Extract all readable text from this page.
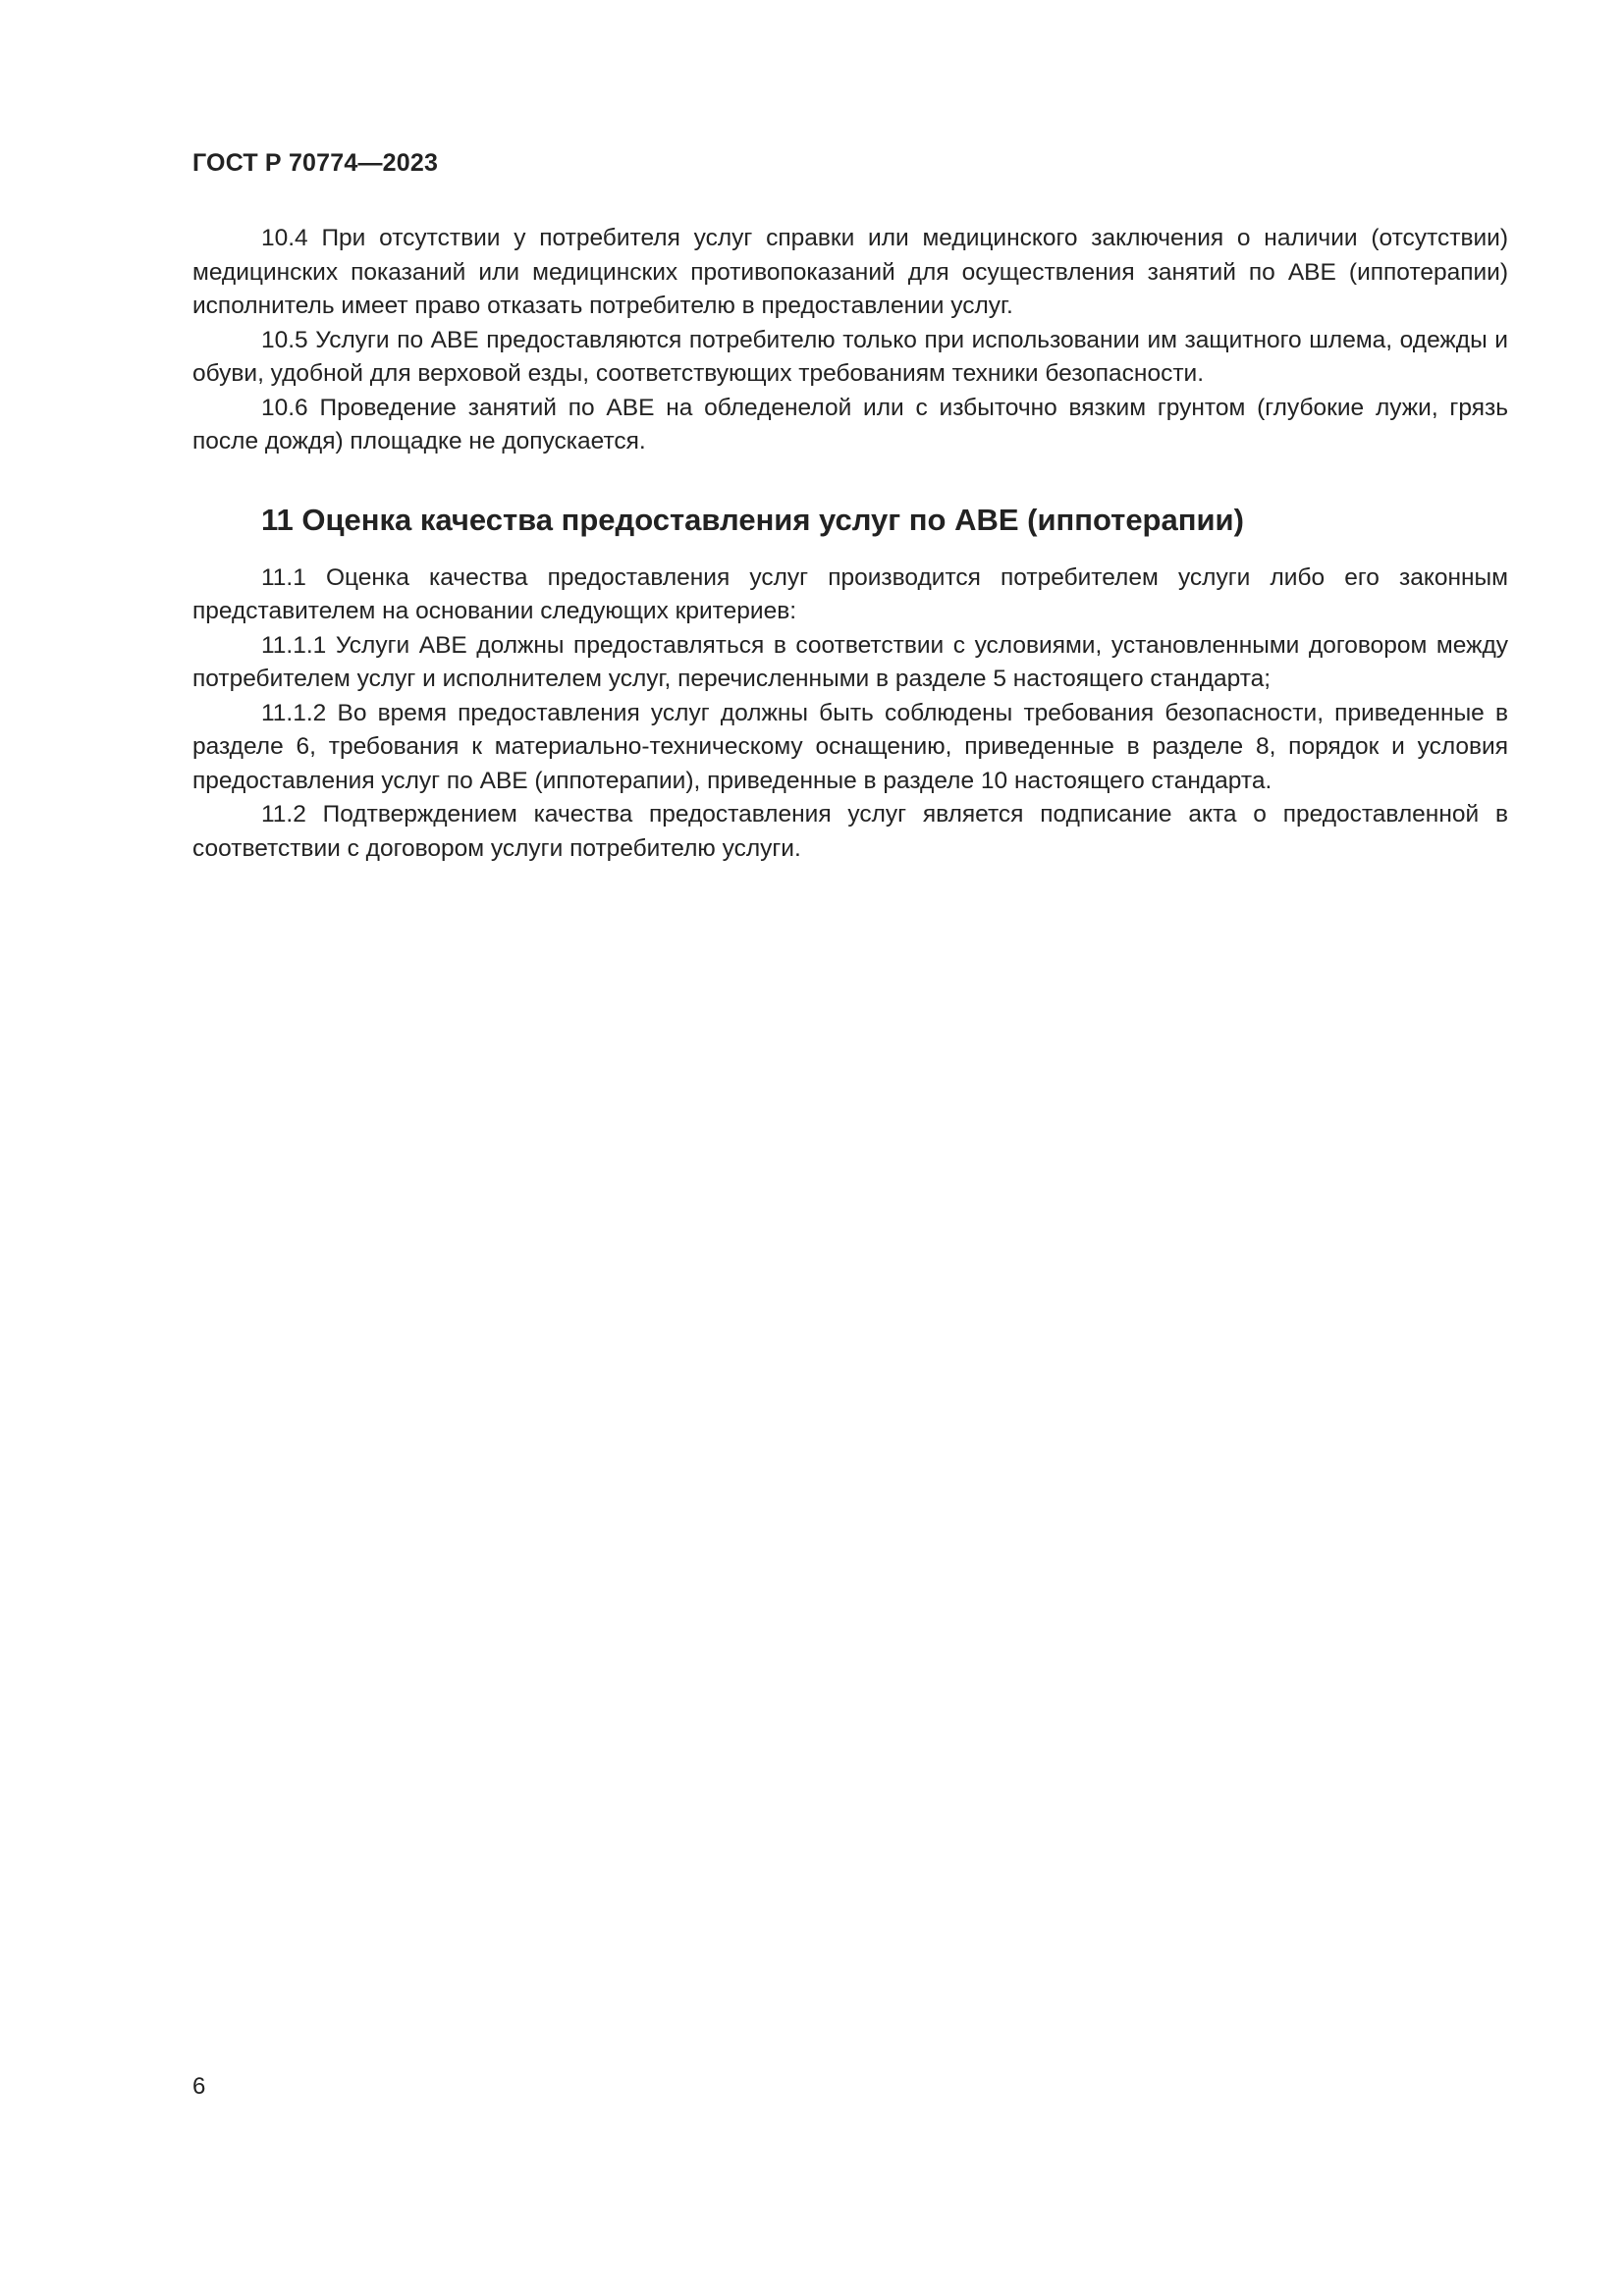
ГОСТ Р 70774—2023

10.4 При отсутствии у потребителя услуг справки или медицинского заключения о наличии (отсутствии) медицинских показаний или медицинских противопоказаний для осуществления занятий по АВЕ (иппотерапии) исполнитель имеет право отказать потребителю в предоставлении услуг.

10.5 Услуги по АВЕ предоставляются потребителю только при использовании им защитного шлема, одежды и обуви, удобной для верховой езды, соответствующих требованиям техники безопасности.

10.6 Проведение занятий по АВЕ на обледенелой или с избыточно вязким грунтом (глубокие лужи, грязь после дождя) площадке не допускается.

11 Оценка качества предоставления услуг по АВЕ (иппотерапии)

11.1 Оценка качества предоставления услуг производится потребителем услуги либо его законным представителем на основании следующих критериев:

11.1.1 Услуги АВЕ должны предоставляться в соответствии с условиями, установленными договором между потребителем услуг и исполнителем услуг, перечисленными в разделе 5 настоящего стандарта;

11.1.2 Во время предоставления услуг должны быть соблюдены требования безопасности, приведенные в разделе 6, требования к материально-техническому оснащению, приведенные в разделе 8, порядок и условия предоставления услуг по АВЕ (иппотерапии), приведенные в разделе 10 настоящего стандарта.

11.2 Подтверждением качества предоставления услуг является подписание акта о предоставленной в соответствии с договором услуги потребителю услуги.

6
